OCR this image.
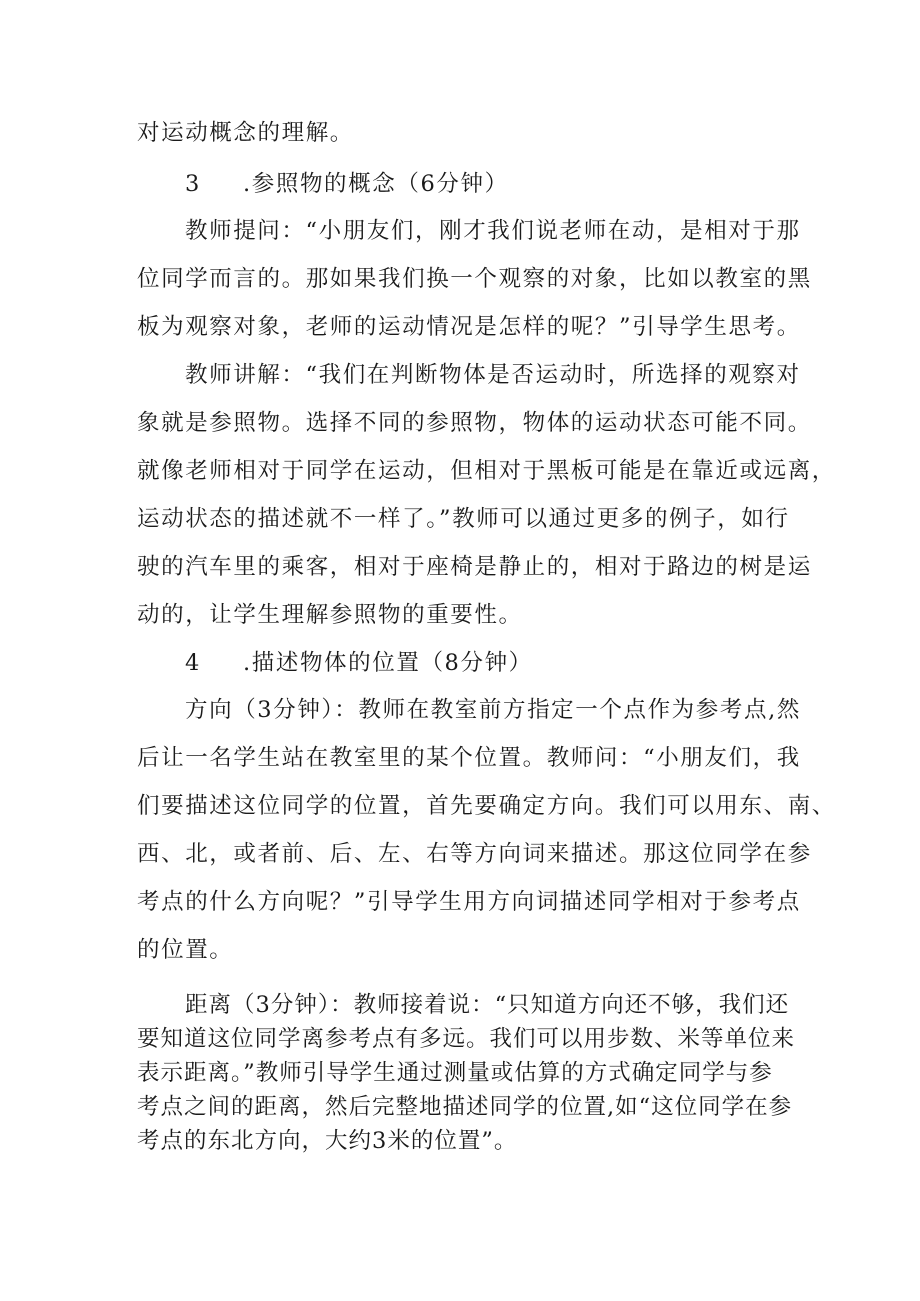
对运动概念的理解。
3 .参照物的概念（6分钟）
教师提问：“小朋友们，刚才我们说老师在动，是相对于那
位同学而言的。那如果我们换一个观察的对象，比如以教室的黑
板为观察对象，老师的运动情况是怎样的呢？”引导学生思考。
教师讲解：“我们在判断物体是否运动时，所选择的观察对
象就是参照物。选择不同的参照物，物体的运动状态可能不同。
就像老师相对于同学在运动，但相对于黑板可能是在靠近或远离，
运动状态的描述就不一样了。”教师可以通过更多的例子，如行
驶的汽车里的乘客，相对于座椅是静止的，相对于路边的树是运
动的，让学生理解参照物的重要性。
4 .描述物体的位置（8分钟）
方向（3分钟）：教师在教室前方指定一个点作为参考点,然
后让一名学生站在教室里的某个位置。教师问：“小朋友们，我
们要描述这位同学的位置，首先要确定方向。我们可以用东、南、
西、北，或者前、后、左、右等方向词来描述。那这位同学在参
考点的什么方向呢？”引导学生用方向词描述同学相对于参考点
的位置。
距离（3分钟）：教师接着说：“只知道方向还不够，我们还
要知道这位同学离参考点有多远。我们可以用步数、米等单位来
表示距离。”教师引导学生通过测量或估算的方式确定同学与参
考点之间的距离，然后完整地描述同学的位置,如“这位同学在参
考点的东北方向，大约3米的位置”。
